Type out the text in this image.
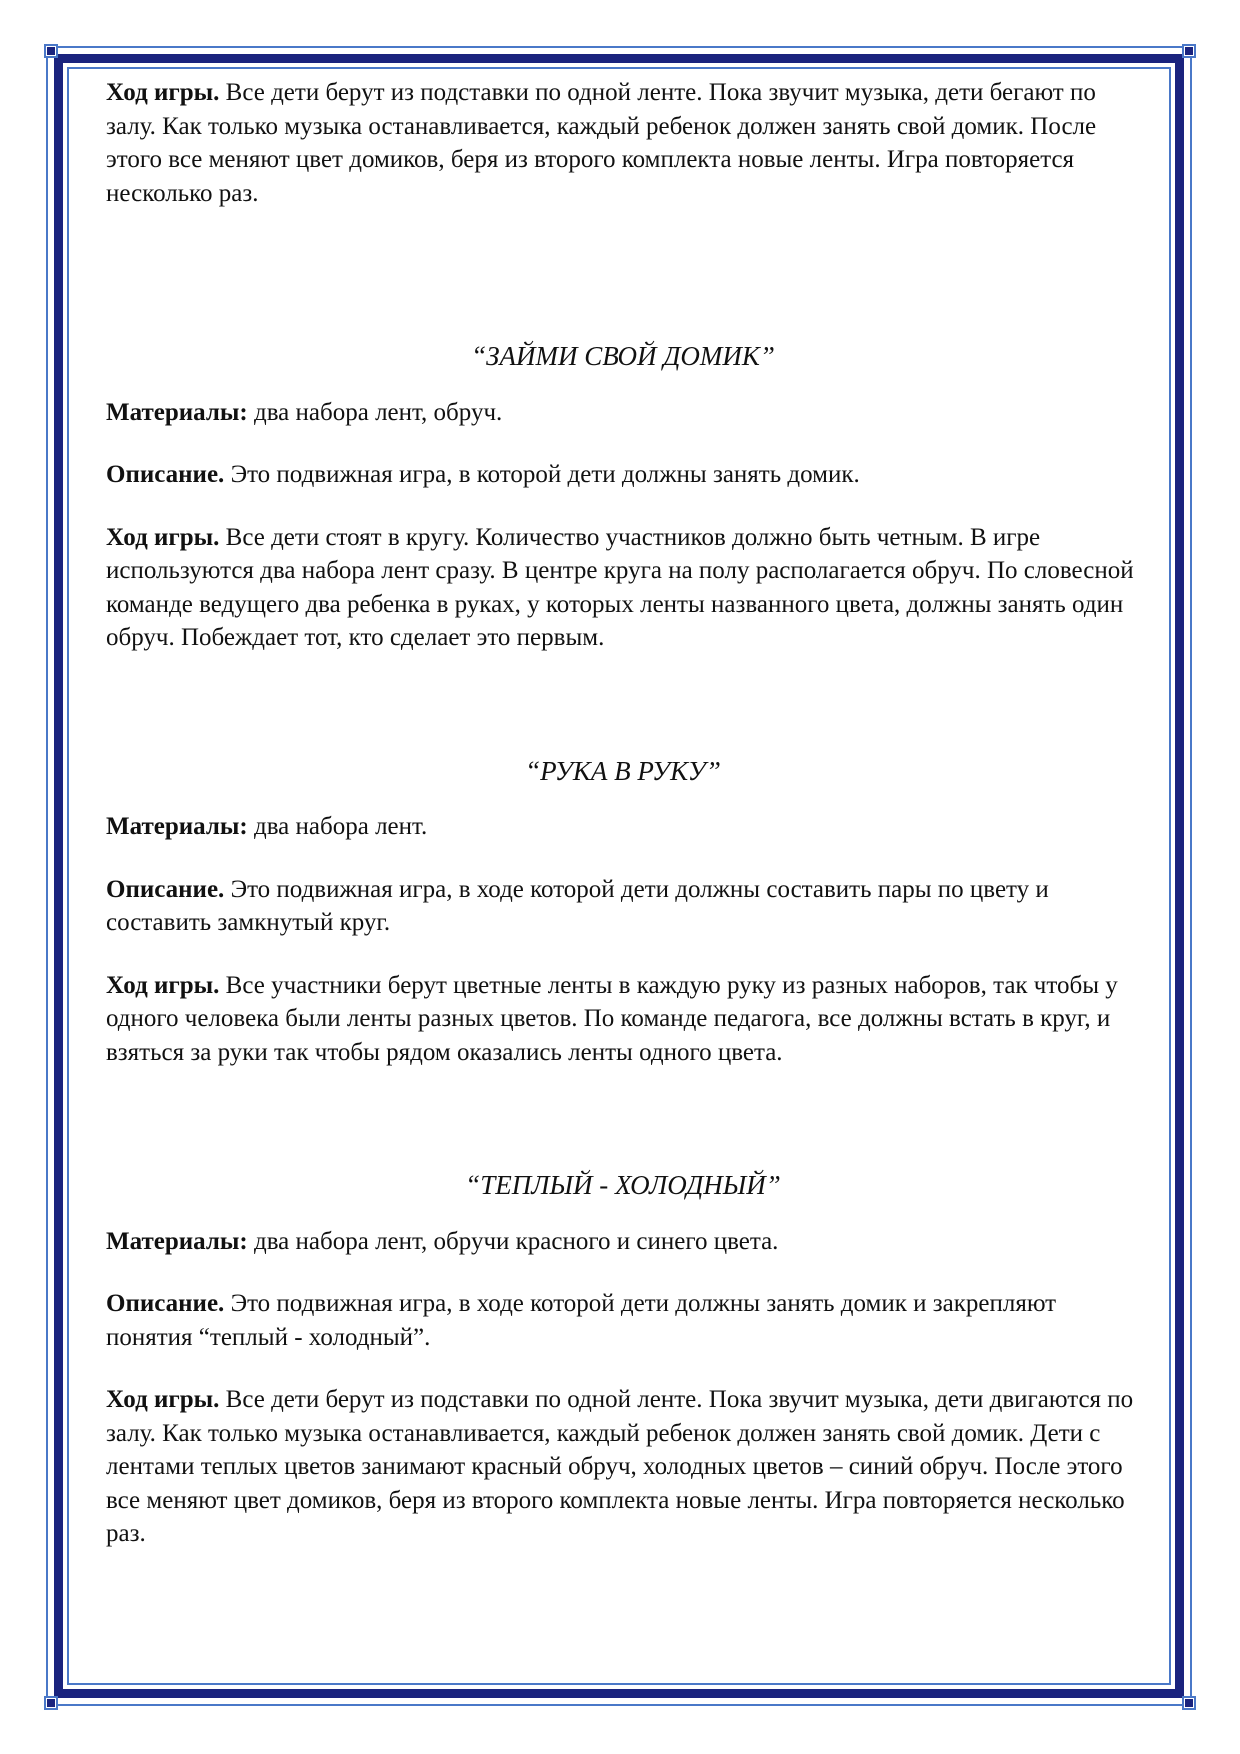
Ход игры. Все дети берут из подставки по одной ленте. Пока звучит музыка, дети бегают по залу. Как только музыка останавливается, каждый ребенок должен занять свой домик. После этого все меняют цвет домиков, беря из второго комплекта новые ленты. Игра повторяется несколько раз.

“ЗАЙМИ СВОЙ ДОМИК”

Материалы: два набора лент, обруч.

Описание. Это подвижная игра, в которой дети должны занять домик.

Ход игры. Все дети стоят в кругу. Количество участников должно быть четным. В игре используются два набора лент сразу. В центре круга на полу располагается обруч. По словесной команде ведущего два ребенка в руках, у которых ленты названного цвета, должны занять один обруч. Побеждает тот, кто сделает это первым.

“РУКА В РУКУ”

Материалы: два набора лент.

Описание. Это подвижная игра, в ходе которой дети должны составить пары по цвету и составить замкнутый круг.

Ход игры. Все участники берут цветные ленты в каждую руку из разных наборов, так чтобы у одного человека были ленты разных цветов. По команде педагога, все должны встать в круг, и взяться за руки так чтобы рядом оказались ленты одного цвета.

“ТЕПЛЫЙ - ХОЛОДНЫЙ”

Материалы: два набора лент, обручи красного и синего цвета.

Описание. Это подвижная игра, в ходе которой дети должны занять домик и закрепляют понятия “теплый - холодный”.

Ход игры. Все дети берут из подставки по одной ленте. Пока звучит музыка, дети двигаются по залу. Как только музыка останавливается, каждый ребенок должен занять свой домик. Дети с лентами теплых цветов занимают красный обруч, холодных цветов – синий обруч. После этого все меняют цвет домиков, беря из второго комплекта новые ленты. Игра повторяется несколько раз.
